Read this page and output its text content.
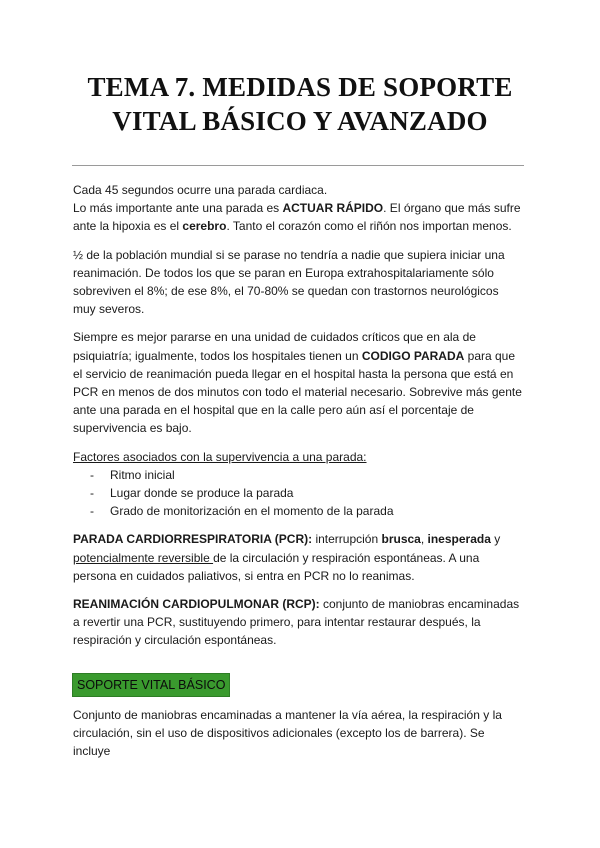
TEMA 7. MEDIDAS DE SOPORTE
VITAL BÁSICO Y AVANZADO

Cada 45 segundos ocurre una parada cardiaca.
Lo más importante ante una parada es ACTUAR RÁPIDO. El órgano que más sufre ante la hipoxia es el cerebro. Tanto el corazón como el riñón nos importan menos.

½ de la población mundial si se parase no tendría a nadie que supiera iniciar una reanimación. De todos los que se paran en Europa extrahospitalariamente sólo sobreviven el 8%; de ese 8%, el 70-80% se quedan con trastornos neurológicos muy severos.

Siempre es mejor pararse en una unidad de cuidados críticos que en ala de psiquiatría; igualmente, todos los hospitales tienen un CODIGO PARADA para que el servicio de reanimación pueda llegar en el hospital hasta la persona que está en PCR en menos de dos minutos con todo el material necesario. Sobrevive más gente ante una parada en el hospital que en la calle pero aún así el porcentaje de supervivencia es bajo.

Factores asociados con la supervivencia a una parada:

- Ritmo inicial
- Lugar donde se produce la parada
- Grado de monitorización en el momento de la parada

PARADA CARDIORRESPIRATORIA (PCR): interrupción brusca, inesperada y potencialmente reversible de la circulación y respiración espontáneas. A una persona en cuidados paliativos, si entra en PCR no lo reanimas.

REANIMACIÓN CARDIOPULMONAR (RCP): conjunto de maniobras encaminadas a revertir una PCR, sustituyendo primero, para intentar restaurar después, la respiración y circulación espontáneas.

SOPORTE VITAL BÁSICO

Conjunto de maniobras encaminadas a mantener la vía aérea, la respiración y la circulación, sin el uso de dispositivos adicionales (excepto los de barrera). Se incluye
